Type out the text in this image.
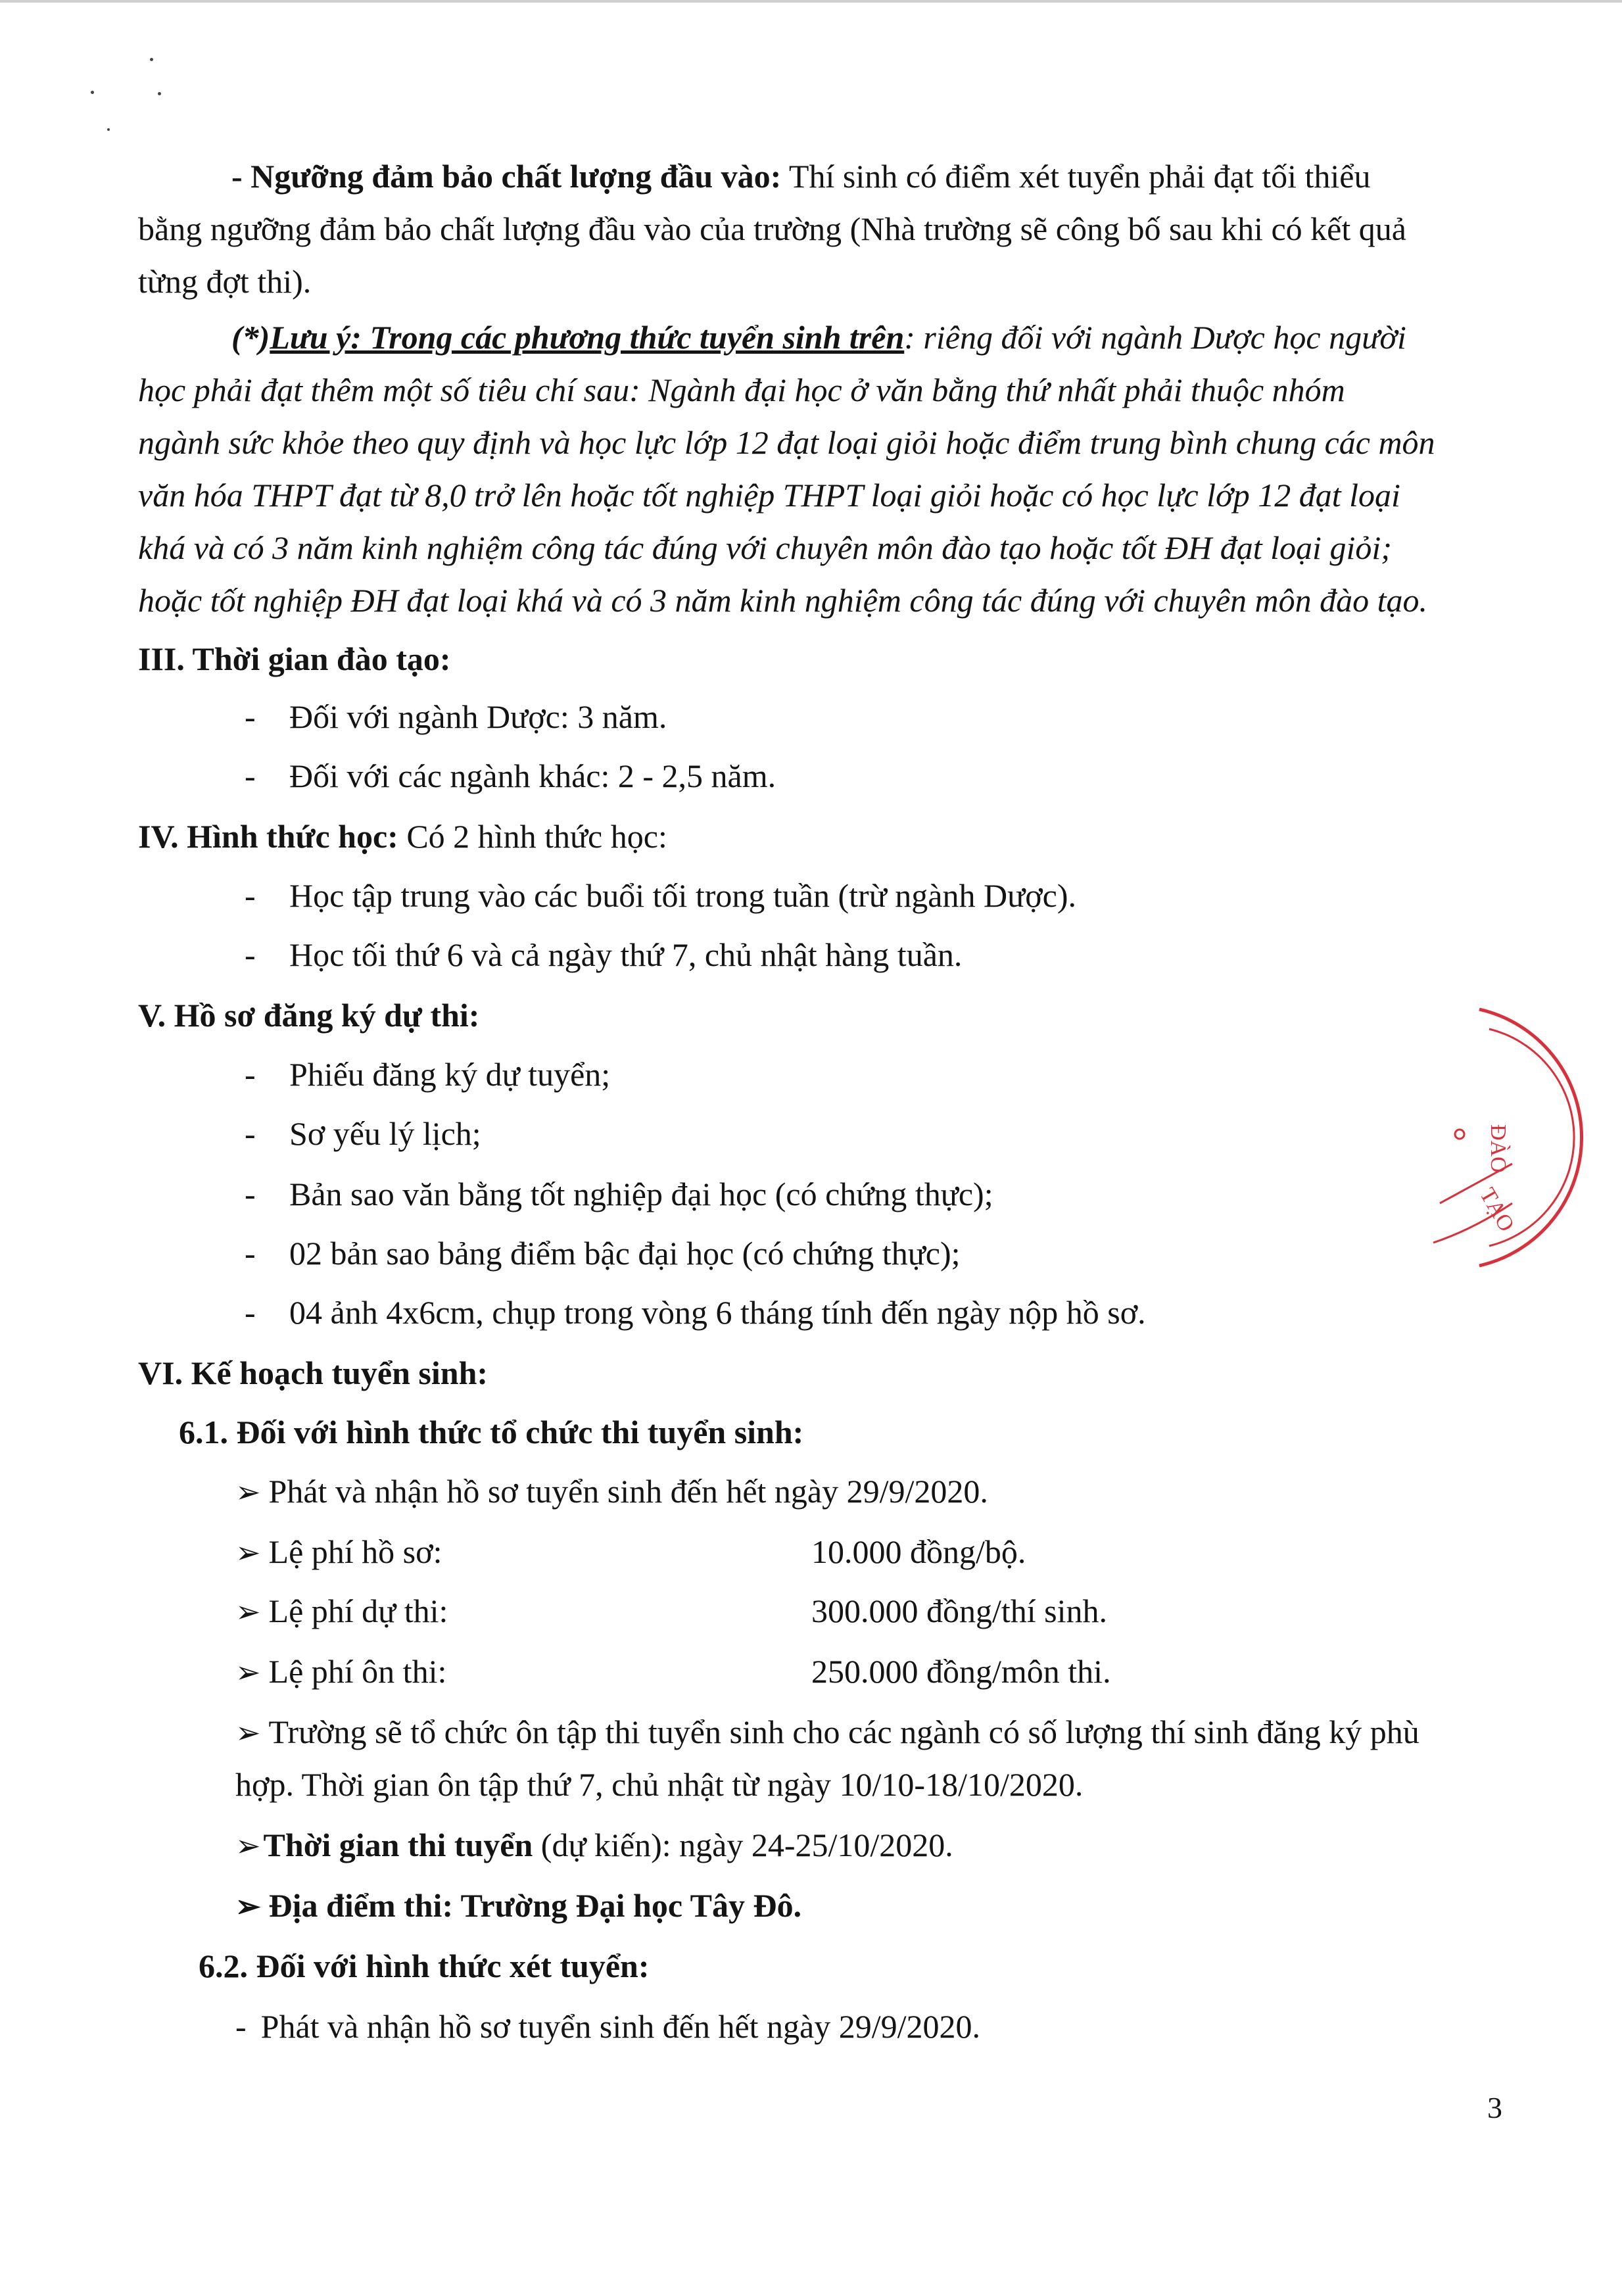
- Ngưỡng đảm bảo chất lượng đầu vào: Thí sinh có điểm xét tuyển phải đạt tối thiểu
bằng ngưỡng đảm bảo chất lượng đầu vào của trường (Nhà trường sẽ công bố sau khi có kết quả
từng đợt thi).
(*)Lưu ý: Trong các phương thức tuyển sinh trên: riêng đối với ngành Dược học người
học phải đạt thêm một số tiêu chí sau: Ngành đại học ở văn bằng thứ nhất phải thuộc nhóm
ngành sức khỏe theo quy định và học lực lớp 12 đạt loại giỏi hoặc điểm trung bình chung các môn
văn hóa THPT đạt từ 8,0 trở lên hoặc tốt nghiệp THPT loại giỏi hoặc có học lực lớp 12 đạt loại
khá và có 3 năm kinh nghiệm công tác đúng với chuyên môn đào tạo hoặc tốt ĐH đạt loại giỏi;
hoặc tốt nghiệp ĐH đạt loại khá và có 3 năm kinh nghiệm công tác đúng với chuyên môn đào tạo.
III. Thời gian đào tạo:
- Đối với ngành Dược: 3 năm.
- Đối với các ngành khác: 2 - 2,5 năm.
IV. Hình thức học: Có 2 hình thức học:
- Học tập trung vào các buổi tối trong tuần (trừ ngành Dược).
- Học tối thứ 6 và cả ngày thứ 7, chủ nhật hàng tuần.
V. Hồ sơ đăng ký dự thi:
- Phiếu đăng ký dự tuyển;
- Sơ yếu lý lịch;
- Bản sao văn bằng tốt nghiệp đại học (có chứng thực);
- 02 bản sao bảng điểm bậc đại học (có chứng thực);
- 04 ảnh 4x6cm, chụp trong vòng 6 tháng tính đến ngày nộp hồ sơ.
VI. Kế hoạch tuyển sinh:
6.1. Đối với hình thức tổ chức thi tuyển sinh:
➢ Phát và nhận hồ sơ tuyển sinh đến hết ngày 29/9/2020.
➢ Lệ phí hồ sơ:	10.000 đồng/bộ.
➢ Lệ phí dự thi:	300.000 đồng/thí sinh.
➢ Lệ phí ôn thi:	250.000 đồng/môn thi.
➢ Trường sẽ tổ chức ôn tập thi tuyển sinh cho các ngành có số lượng thí sinh đăng ký phù
hợp. Thời gian ôn tập thứ 7, chủ nhật từ ngày 10/10-18/10/2020.
➢Thời gian thi tuyển (dự kiến): ngày 24-25/10/2020.
➢ Địa điểm thi: Trường Đại học Tây Đô.
6.2. Đối với hình thức xét tuyển:
- Phát và nhận hồ sơ tuyển sinh đến hết ngày 29/9/2020.
ĐÀO
TẠO
3
